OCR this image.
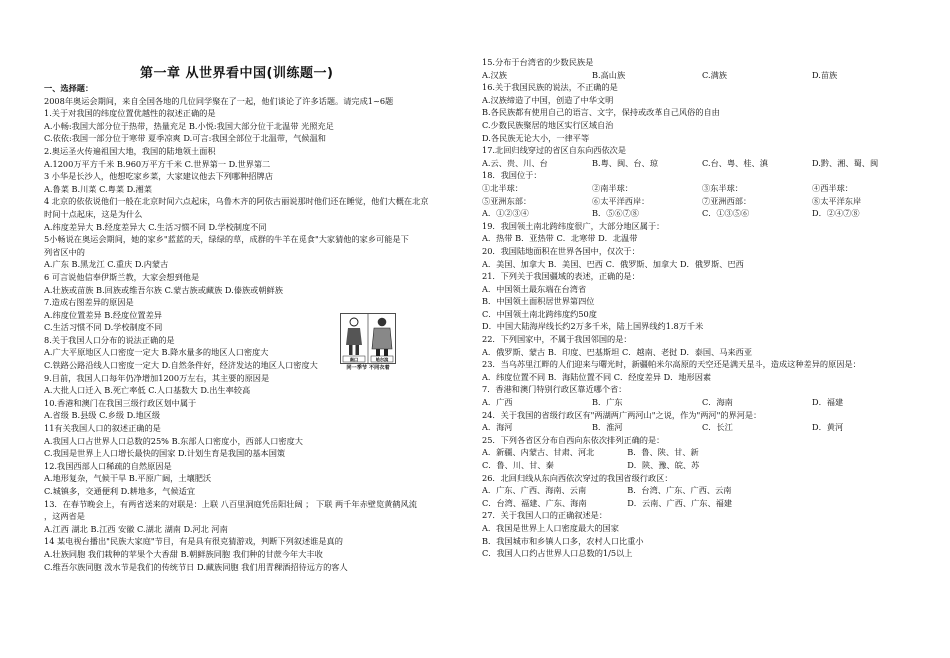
第一章 从世界看中国(训练题一)
一、选择题：
2008年奥运会期间，来自全国各地的几位同学聚在了一起，他们谈论了许多话题。请完成1~6题
1.关于对我国的纬度位置优越性的叙述正确的是
A.小畅:我国大部分位于热带，热量充足 B.小悦:我国大部分位于北温带 光照充足
C.依依:我国一部分位于寒带 夏季凉爽 D.可言:我国全部位于北温带，气候温和
2.奥运圣火传遍祖国大地，我国的陆地领土面积
A.1200万平方千米 B.960万平方千米 C.世界第一 D.世界第二
3 小华是长沙人，他想吃家乡菜，大家建议他去下列哪种招牌店
A.鲁菜 B.川菜 C.粤菜 D.湘菜
4 北京的依依说他们一般在北京时间六点起床，乌鲁木齐的阿依古丽说那时他们还在睡觉，他们大概在北京
时间十点起床，这是为什么
A.纬度差异大 B.经度差异大 C.生活习惯不同 D.学校制度不同
5小畅说在奥运会期间，她的家乡"蓝蓝的天，绿绿的草，成群的牛羊在觅食"大家猜他的家乡可能是下
列省区中的
A.广东 B.黑龙江 C.重庆 D.内蒙古
6 可言说他信奉伊斯兰教，大家会想到他是
A.壮族或苗族 B.回族或维吾尔族 C.蒙古族或藏族 D.傣族或朝鲜族
7.造成右图差异的原因是
A.纬度位置差异 B.经度位置差异
C.生活习惯不同 D.学校制度不同
8.关于我国人口分布的说法正确的是
A.广大平原地区人口密度一定大 B.降水量多的地区人口密度大
C.铁路公路沿线人口密度一定大 D.自然条件好，经济发达的地区人口密度大
9.目前，我国人口每年仍净增加1200万左右，其主要的原因是
A.大批人口迁入 B.死亡率低 C.人口基数大 D.出生率较高
10.香港和澳门在我国三级行政区划中属于
A.省级 B.县级 C.乡级 D.地区级
11有关我国人口的叙述正确的是
A.我国人口占世界人口总数的25% B.东部人口密度小，西部人口密度大
C.我国是世界上人口增长最快的国家 D.计划生育是我国的基本国策
12.我国西部人口稀疏的自然原因是
A.地形复杂，气候干旱 B.平原广阔，土壤肥沃
C.城镇多，交通便利 D.耕地多，气候适宜
13．在春节晚会上，有两省送来的对联是：上联 八百里洞庭凭岳阳壮阔 ； 下联 两千年赤壁览黄鹤风流
，这两省是
A.江西 湖北 B.江西 安徽 C.湖北 湖南 D.河北 河南
14 某电视台播出"民族大家庭"节目，有是具有很克猜游戏，判断下列叙述谁是真的
A.壮族同胞 我们栽种的苹果个大香甜 B.朝鲜族同胞 我们种的甘蔗今年大丰收
C.维吾尔族同胞 泼水节是我们的传统节日 D.藏族同胞 我们用青稞酒招待远方的客人
15.分布于台湾省的少数民族是
A.汉族	B.高山族	C.满族	D.苗族
16.关于我国民族的说法，不正确的是
A.汉族缔造了中国，创造了中华文明
B.各民族都有使用自己的语言、文字，保持或改革自己风俗的自由
C.少数民族聚居的地区实行区域自治
D.各民族无论大小，一律平等
17.北回归线穿过的省区自东向西依次是
A.云、贵、川、台	B.粤、闽、台、琼	C.台、粤、桂、滇	D.黔、湘、蜀、闽
18．我国位于：
①北半球：	②南半球：	③东半球：	④西半球：
⑤亚洲东部：	⑥太平洋西岸：	⑦亚洲西部：	⑧太平洋东岸
A．①②③④	B．⑤⑥⑦⑧	C．①③⑤⑥	D．②④⑦⑧
19．我国领土南北跨纬度很广，大部分地区属于：
A．热带 B．亚热带 C．北寒带 D．北温带
20．我国陆地面积在世界各国中，仅次于：
A．美国、加拿大 B．美国、巴西 C．俄罗斯、加拿大 D．俄罗斯、巴西
21．下列关于我国疆域的表述，正确的是：
A．中国领土最东端在台湾省
B．中国领土面积居世界第四位
C．中国领土南北跨纬度约50度
D．中国大陆海岸线长约2万多千米，陆上国界线约1.8万千米
22．下列国家中，不属于我国邻国的是：
A．俄罗斯、蒙古 B．印度、巴基斯坦 C．越南、老挝 D．泰国、马来西亚
23．当乌苏里江畔的人们迎来与曙光时，新疆帕米尔高原的天空还是满天星斗，造成这种差异的原因是：
A．纬度位置不同 B．海陆位置不同 C．经度差异 D．地形因素
7．香港和澳门特别行政区靠近哪个省：
A．广西	B．广东	C．海南	D．福建
24．关于我国的省级行政区有"两湖两广两河山"之说，作为"两河"的界河是：
A．海河	B．淮河	C．长江	D．黄河
25．下列各省区分布自西向东依次排列正确的是：
A．新疆、内蒙古、甘肃、河北	B．鲁、陕、甘、新
C．鲁、川、甘、秦	D．陕、豫、皖、苏
26．北回归线从东向西依次穿过的我国省级行政区：
A．广东、广西、海南、云南	B．台湾、广东、广西、云南
C．台湾、福建、广东、海南	D．云南、广西、广东、福建
27．关于我国人口的正确叙述是：
A．我国是世界上人口密度最大的国家
B．我国城市和乡镇人口多，农村人口比重小
C．我国人口约占世界人口总数的1/5以上
南口	哈尔滨
同一季节 不同衣着
